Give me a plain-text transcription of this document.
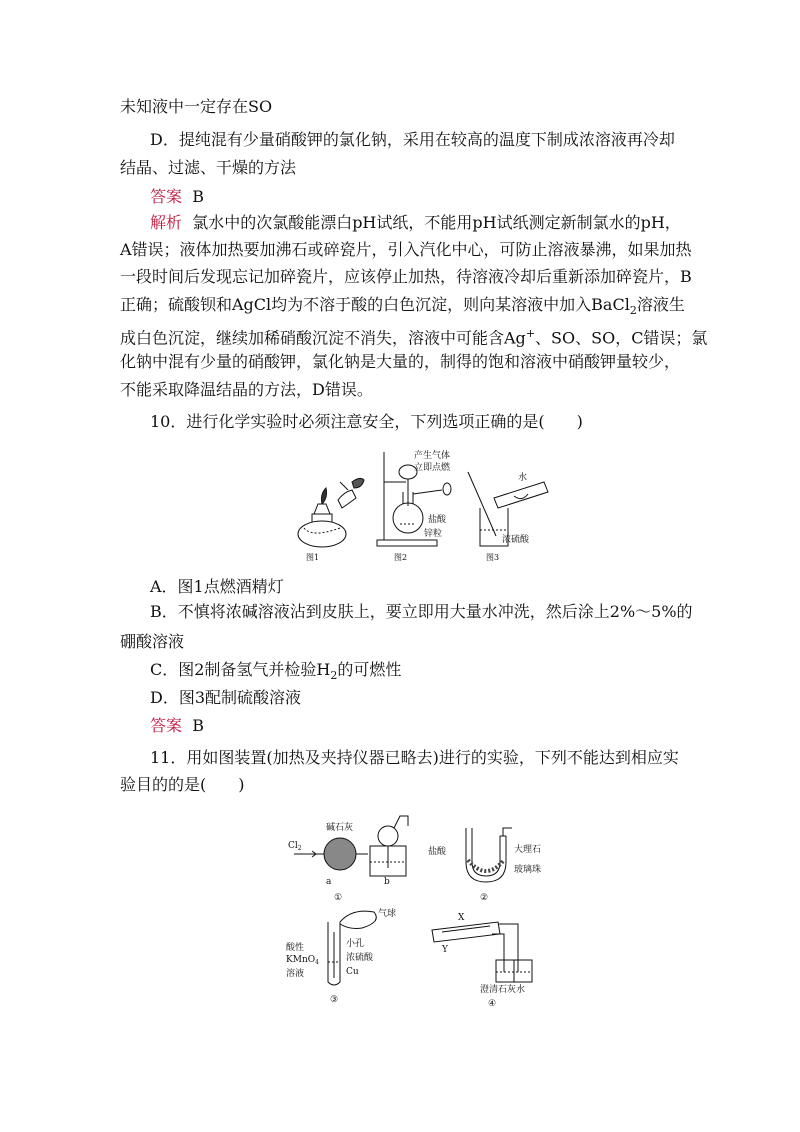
未知液中一定存在SO
D．提纯混有少量硝酸钾的氯化钠，采用在较高的温度下制成浓溶液再冷却
结晶、过滤、干燥的方法
答案 B
解析 氯水中的次氯酸能漂白pH试纸，不能用pH试纸测定新制氯水的pH，
A错误；液体加热要加沸石或碎瓷片，引入汽化中心，可防止溶液暴沸，如果加热
一段时间后发现忘记加碎瓷片，应该停止加热，待溶液冷却后重新添加碎瓷片，B
正确；硫酸钡和AgCl均为不溶于酸的白色沉淀，则向某溶液中加入BaCl$_2$溶液生
成白色沉淀，继续加稀硝酸沉淀不消失，溶液中可能含Ag+、SO、SO，C错误；氯
化钠中混有少量的硝酸钾，氯化钠是大量的，制得的饱和溶液中硝酸钾量较少，
不能采取降温结晶的方法，D错误。
10．进行化学实验时必须注意安全，下列选项正确的是(　　)
图1
产生气体
立即点燃
盐酸
锌粒
图2
水
浓硫酸
图3
A．图1点燃酒精灯
B．不慎将浓碱溶液沾到皮肤上，要立即用大量水冲洗，然后涂上2%～5%的
硼酸溶液
C．图2制备氢气并检验$H_2$的可燃性
D．图3配制硫酸溶液
答案 B
11．用如图装置(加热及夹持仪器已略去)进行的实验，下列不能达到相应实
验目的的是(　　)
$Cl_2$
碱石灰
a	b
①
盐酸	大理石
玻璃珠
②
气球
酸性
KMnO$_4$
溶液
小孔
浓硫酸
Cu
③
X
Y
澄清石灰水
④
